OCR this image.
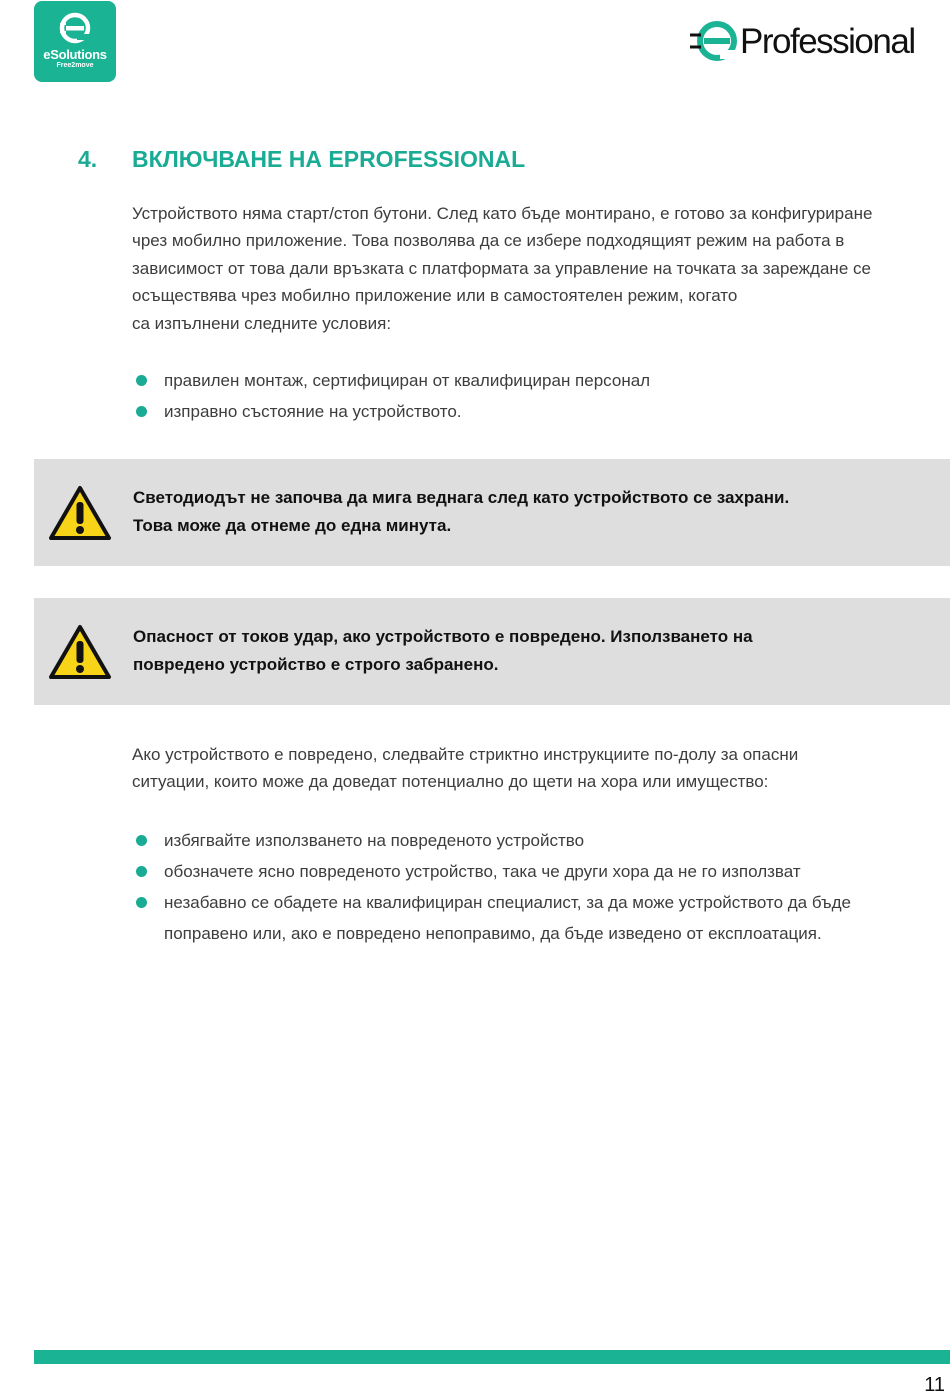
eSolutions
Free2move
Professional
4. ВКЛЮЧВАНЕ НА EPROFESSIONAL

Устройството няма старт/стоп бутони. След като бъде монтирано, е готово за конфигуриране
чрез мобилно приложение. Това позволява да се избере подходящият режим на работа в
зависимост от това дали връзката с платформата за управление на точката за зареждане се
осъществява чрез мобилно приложение или в самостоятелен режим, когато
са изпълнени следните условия:

правилен монтаж, сертифициран от квалифициран персонал
изправно състояние на устройството.
Светодиодът не започва да мига веднага след като устройството се захрани.
Това може да отнеме до една минута.
Опасност от токов удар, ако устройството е повредено. Използването на
повредено устройство е строго забранено.

Ако устройството е повредено, следвайте стриктно инструкциите по-долу за опасни
ситуации, които може да доведат потенциално до щети на хора или имущество:

избягвайте използването на повреденото устройство
обозначете ясно повреденото устройство, така че други хора да не го използват
незабавно се обадете на квалифициран специалист, за да може устройството да бъде
поправено или, ако е повредено непоправимо, да бъде изведено от експлоатация.
11
